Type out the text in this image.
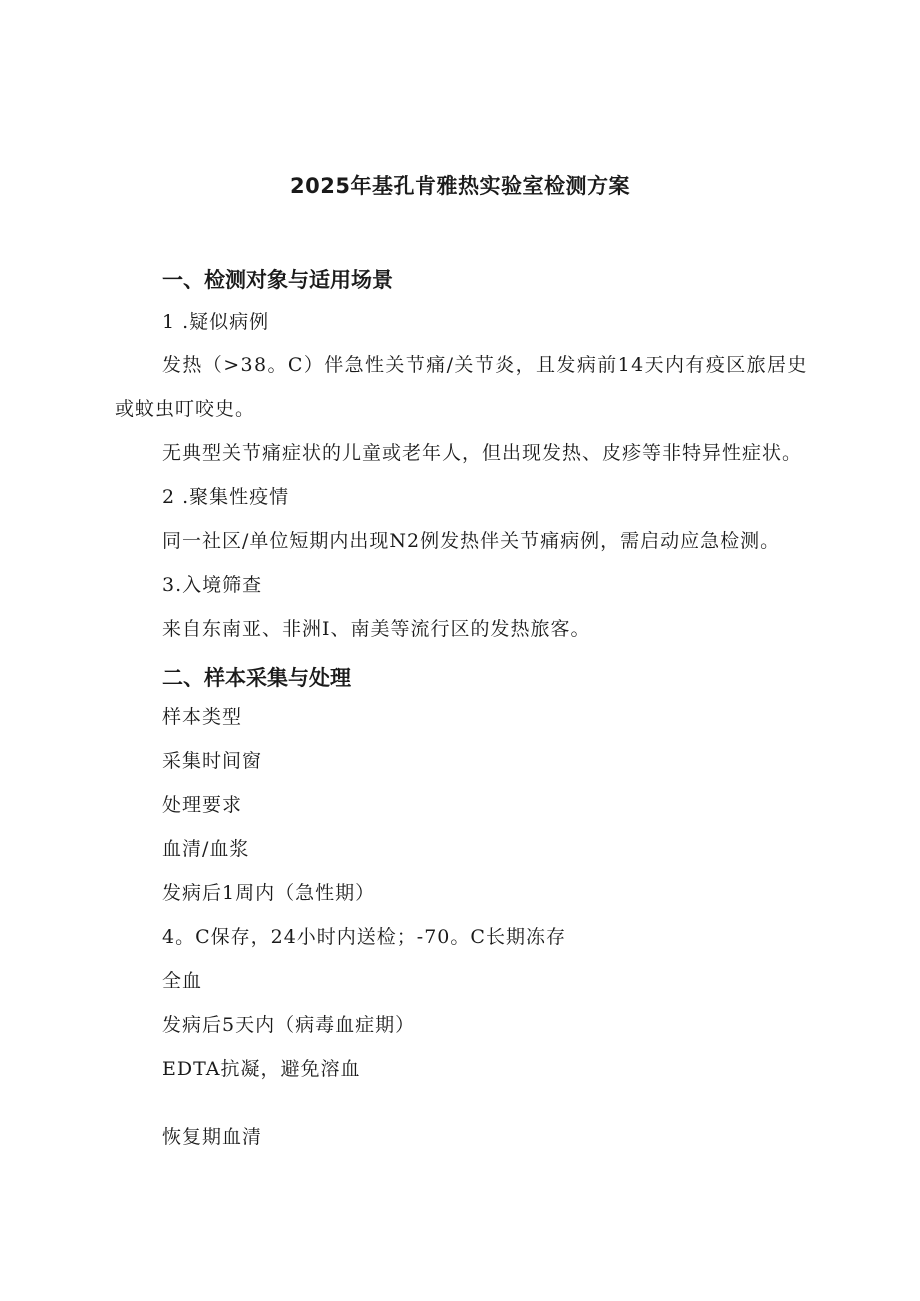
2025年基孔肯雅热实验室检测方案
一、检测对象与适用场景
1 .疑似病例
发热（>38。C）伴急性关节痛/关节炎，且发病前14天内有疫区旅居史
或蚊虫叮咬史。
无典型关节痛症状的儿童或老年人，但出现发热、皮疹等非特异性症状。
2 .聚集性疫情
同一社区/单位短期内出现N2例发热伴关节痛病例，需启动应急检测。
3.入境筛查
来自东南亚、非洲I、南美等流行区的发热旅客。
二、样本采集与处理
样本类型
采集时间窗
处理要求
血清/血浆
发病后1周内（急性期）
4。C保存，24小时内送检；-70。C长期冻存
全血
发病后5天内（病毒血症期）
EDTA抗凝，避免溶血
恢复期血清
